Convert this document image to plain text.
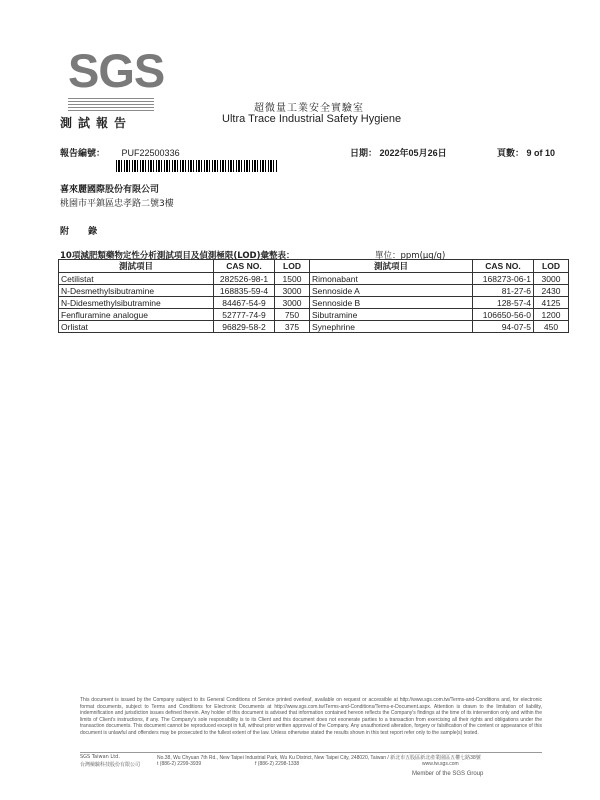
SGS
測試報告
超微量工業安全實驗室
Ultra Trace Industrial Safety Hygiene
報告編號： PUF22500336	日期： 2022年05月26日	頁數： 9 of 10
喜來麗國際股份有限公司
桃園市平鎮區忠孝路二號3樓
附 錄
10項減肥類藥物定性分析測試項目及偵測極限(LOD)彙整表：	單位：ppm(μg/g)
測試項目	CAS NO.	LOD	測試項目	CAS NO.	LOD
Cetilistat	282526-98-1	1500	Rimonabant	168273-06-1	3000
N-Desmethylsibutramine	168835-59-4	3000	Sennoside A	81-27-6	2430
N-Didesmethylsibutramine	84467-54-9	3000	Sennoside B	128-57-4	4125
Fenfluramine analogue	52777-74-9	750	Sibutramine	106650-56-0	1200
Orlistat	96829-58-2	375	Synephrine	94-07-5	450
This document is issued by the Company subject to its General Conditions of Service printed overleaf, available on request or accessible at http://www.sgs.com.tw/Terms-and-Conditions and, for electronic format documents, subject to Terms and Conditions for Electronic Documents at http://www.sgs.com.tw/Terms-and-Conditions/Terms-e-Document.aspx. Attention is drawn to the limitation of liability, indemnification and jurisdiction issues defined therein. Any holder of this document is advised that information contained hereon reflects the Company's findings at the time of its intervention only and within the limits of Client's instructions, if any. The Company's sole responsibility is to its Client and this document does not exonerate parties to a transaction from exercising all their rights and obligations under the transaction documents. This document cannot be reproduced except in full, without prior written approval of the Company. Any unauthorized alteration, forgery or falsification of the content or appearance of this document is unlawful and offenders may be prosecuted to the fullest extent of the law. Unless otherwise stated the results shown in this test report refer only to the sample(s) tested.
SGS Taiwan Ltd.
台灣檢驗科技股份有限公司
No.38, Wu Chyuan 7th Rd., New Taipei Industrial Park, Wu Ku District, New Taipei City, 248020, Taiwan / 新北市五股區新北產業園區五權七路38號
t (886-2) 2299-3939	f (886-2) 2298-1338	www.tw.sgs.com
Member of the SGS Group
